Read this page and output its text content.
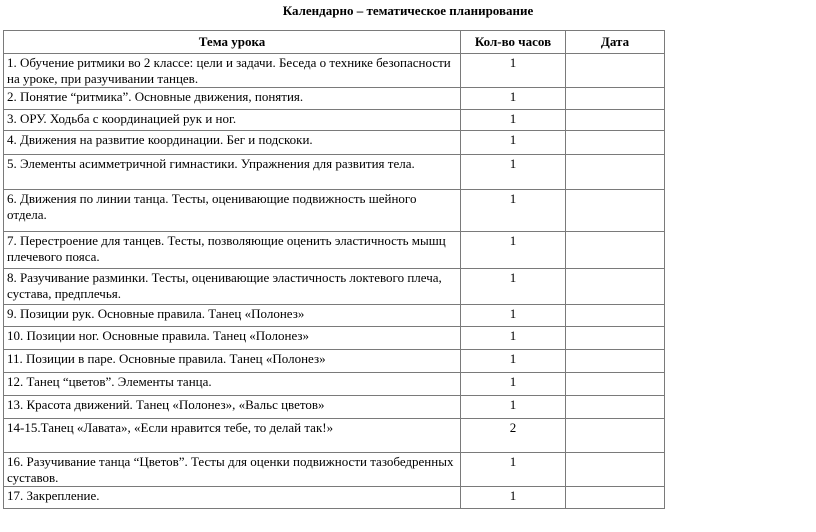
Календарно – тематическое планирование
Тема урока	Кол-во часов	Дата
1. Обучение ритмики во 2 классе: цели и задачи. Беседа о технике безопасности на уроке, при разучивании танцев.	1	
2. Понятие “ритмика”. Основные движения, понятия.	1	
3. ОРУ. Ходьба с координацией рук и ног.	1	
4. Движения на развитие координации. Бег и подскоки.	1	
5. Элементы асимметричной гимнастики. Упражнения для развития тела.	1	
6. Движения по линии танца. Тесты, оценивающие подвижность шейного отдела.	1	
7. Перестроение для танцев. Тесты, позволяющие оценить эластичность мышц плечевого пояса.	1	
8. Разучивание разминки. Тесты, оценивающие эластичность локтевого плеча, сустава, предплечья.	1	
9. Позиции рук. Основные правила. Танец «Полонез»	1	
10. Позиции ног. Основные правила. Танец «Полонез»	1	
11. Позиции в паре. Основные правила. Танец «Полонез»	1	
12. Танец “цветов”. Элементы танца.	1	
13. Красота движений. Танец «Полонез», «Вальс цветов»	1	
14-15.Танец «Лавата», «Если нравится тебе, то делай так!»	2	
16. Разучивание танца “Цветов”. Тесты для оценки подвижности тазобедренных суставов.	1	
17. Закрепление.	1	
